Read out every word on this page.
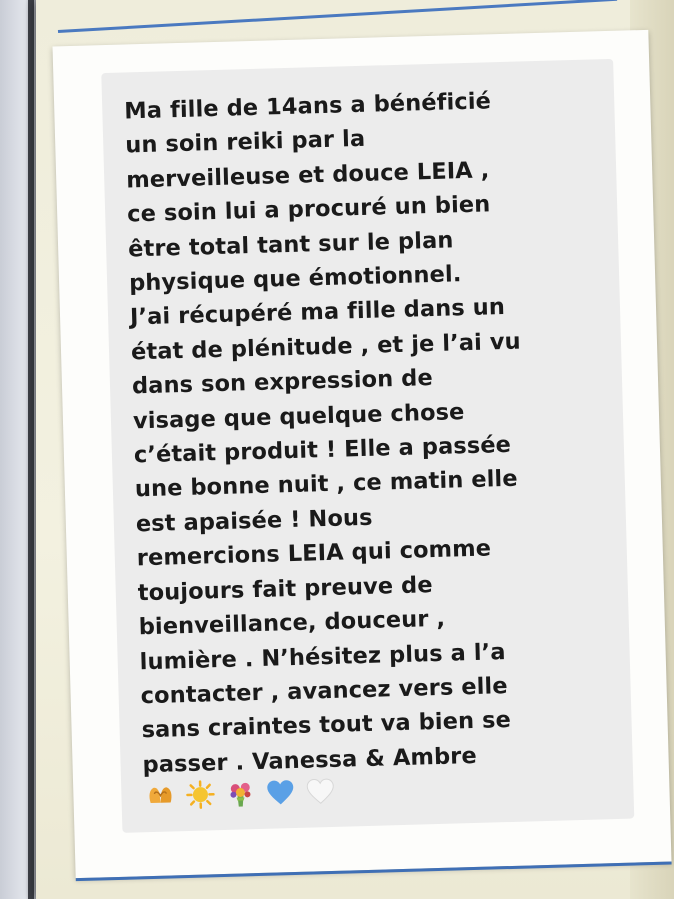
Ma fille de 14ans a bénéficié
un soin reiki par la
merveilleuse et douce LEIA ,
ce soin lui a procuré un bien
être total tant sur le plan
physique que émotionnel.
J’ai récupéré ma fille dans un
état de plénitude , et je l’ai vu
dans son expression de
visage que quelque chose
c’était produit ! Elle a passée
une bonne nuit , ce matin elle
est apaisée ! Nous
remercions LEIA qui comme
toujours fait preuve de
bienveillance, douceur ,
lumière . N’hésitez plus a l’a
contacter , avancez vers elle
sans craintes tout va bien se
passer . Vanessa & Ambre
